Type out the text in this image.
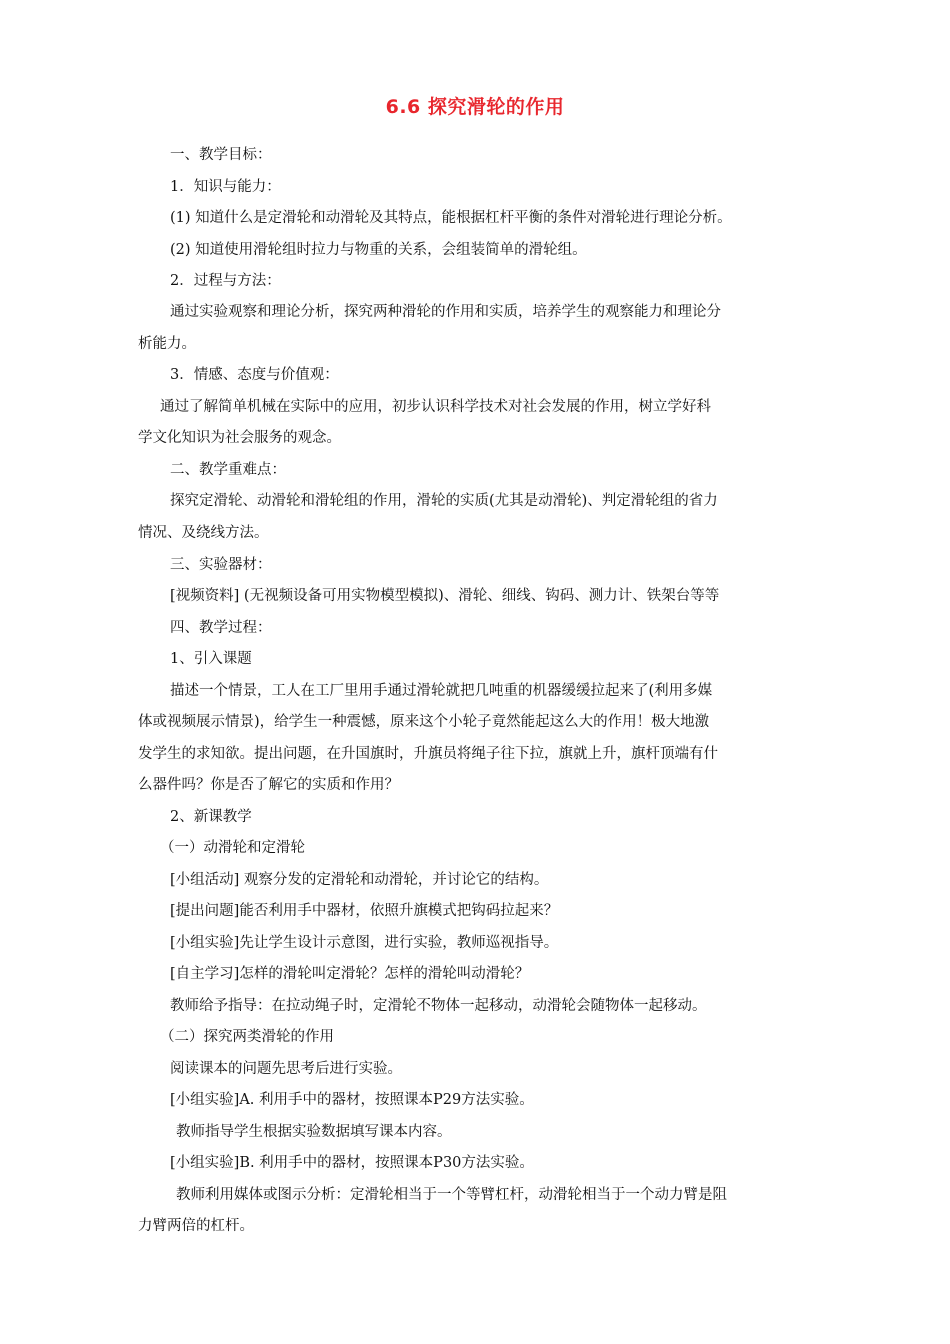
6.6 探究滑轮的作用
一、教学目标：
1．知识与能力：
(1) 知道什么是定滑轮和动滑轮及其特点，能根据杠杆平衡的条件对滑轮进行理论分析。
(2) 知道使用滑轮组时拉力与物重的关系，会组装简单的滑轮组。
2．过程与方法：
通过实验观察和理论分析，探究两种滑轮的作用和实质，培养学生的观察能力和理论分
析能力。
3．情感、态度与价值观：
通过了解简单机械在实际中的应用，初步认识科学技术对社会发展的作用，树立学好科
学文化知识为社会服务的观念。
二、教学重难点：
探究定滑轮、动滑轮和滑轮组的作用，滑轮的实质(尤其是动滑轮)、判定滑轮组的省力
情况、及绕线方法。
三、实验器材：
[视频资料] (无视频设备可用实物模型模拟)、滑轮、细线、钩码、测力计、铁架台等等
四、教学过程：
1、引入课题
描述一个情景，工人在工厂里用手通过滑轮就把几吨重的机器缓缓拉起来了(利用多媒
体或视频展示情景)，给学生一种震憾，原来这个小轮子竟然能起这么大的作用！极大地激
发学生的求知欲。提出问题，在升国旗时，升旗员将绳子往下拉，旗就上升，旗杆顶端有什
么器件吗？你是否了解它的实质和作用？
2、新课教学
（一）动滑轮和定滑轮
[小组活动] 观察分发的定滑轮和动滑轮，并讨论它的结构。
[提出问题]能否利用手中器材，依照升旗模式把钩码拉起来？
[小组实验]先让学生设计示意图，进行实验，教师巡视指导。
[自主学习]怎样的滑轮叫定滑轮？怎样的滑轮叫动滑轮？
教师给予指导：在拉动绳子时，定滑轮不物体一起移动，动滑轮会随物体一起移动。
（二）探究两类滑轮的作用
阅读课本的问题先思考后进行实验。
[小组实验]A. 利用手中的器材，按照课本P29方法实验。
教师指导学生根据实验数据填写课本内容。
[小组实验]B. 利用手中的器材，按照课本P30方法实验。
教师利用媒体或图示分析：定滑轮相当于一个等臂杠杆，动滑轮相当于一个动力臂是阻
力臂两倍的杠杆。
